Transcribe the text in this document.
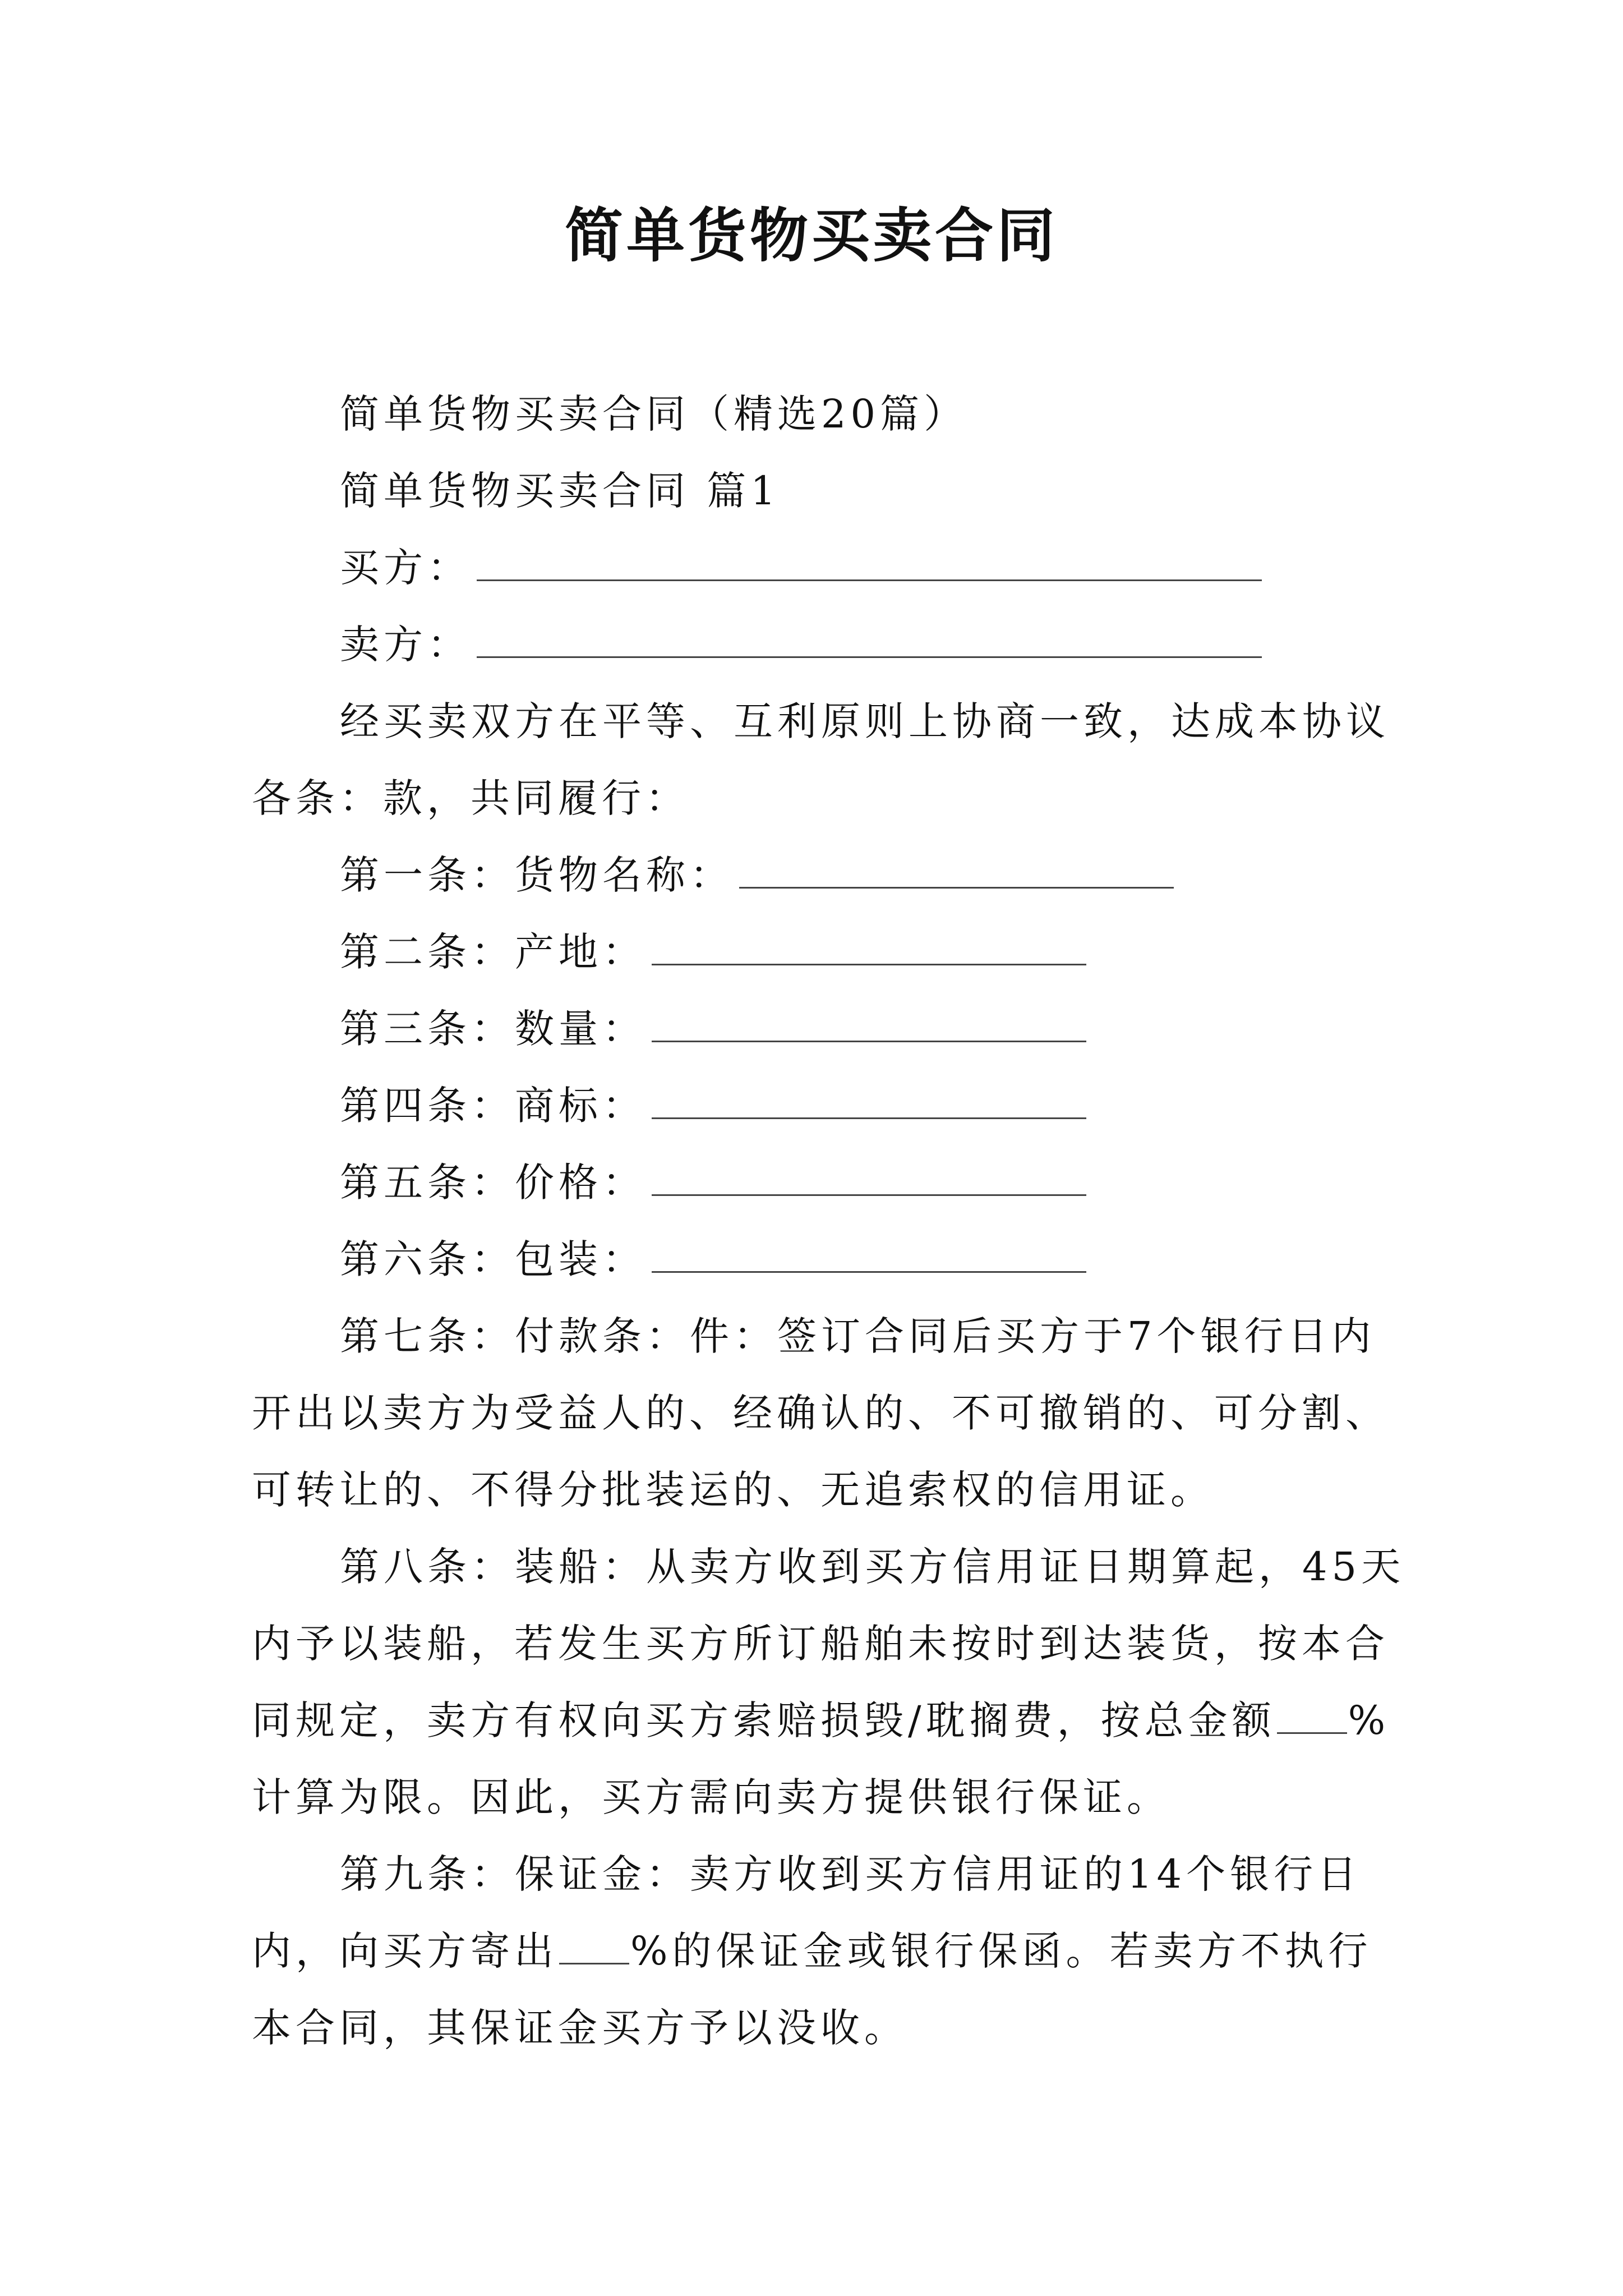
简单货物买卖合同
简单货物买卖合同（精选20篇）
简单货物买卖合同 篇1
买方：
卖方：
经买卖双方在平等、互利原则上协商一致，达成本协议
各条：款，共同履行：
第一条：货物名称：
第二条：产地：
第三条：数量：
第四条：商标：
第五条：价格：
第六条：包装：
第七条：付款条：件：签订合同后买方于7个银行日内
开出以卖方为受益人的、经确认的、不可撤销的、可分割、
可转让的、不得分批装运的、无追索权的信用证。
第八条：装船：从卖方收到买方信用证日期算起，45天
内予以装船，若发生买方所订船舶未按时到达装货，按本合
同规定，卖方有权向买方索赔损毁/耽搁费，按总金额 %
计算为限。因此，买方需向卖方提供银行保证。
第九条：保证金：卖方收到买方信用证的14个银行日
内，向买方寄出 %的保证金或银行保函。若卖方不执行
本合同，其保证金买方予以没收。
